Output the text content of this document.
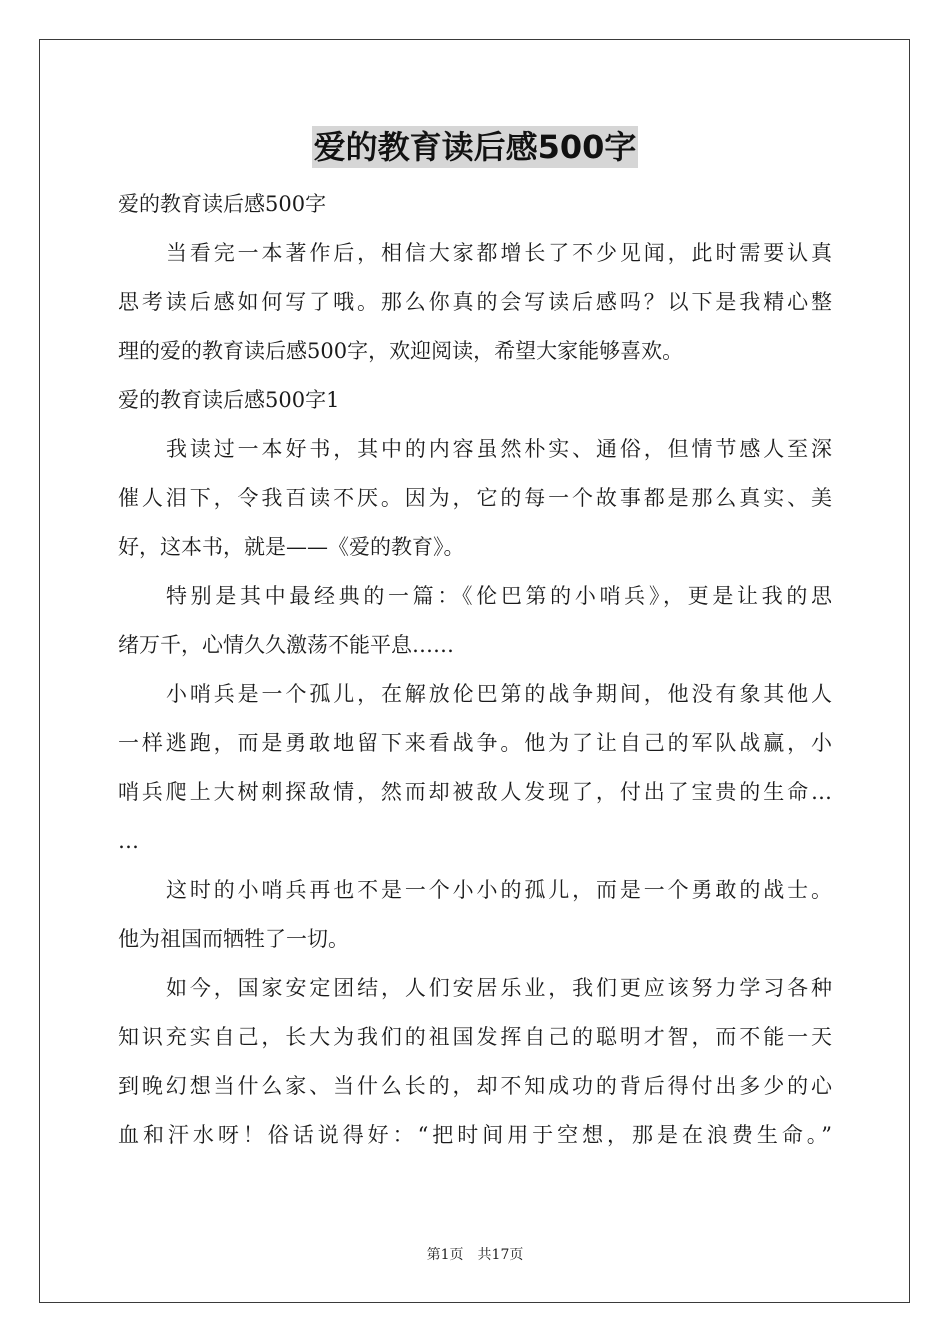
爱的教育读后感500字
爱的教育读后感500字
当看完一本著作后，相信大家都增长了不少见闻，此时需要认真
思考读后感如何写了哦。那么你真的会写读后感吗？以下是我精心整
理的爱的教育读后感500字，欢迎阅读，希望大家能够喜欢。
爱的教育读后感500字1
我读过一本好书，其中的内容虽然朴实、通俗，但情节感人至深
催人泪下，令我百读不厌。因为，它的每一个故事都是那么真实、美
好，这本书，就是——《爱的教育》。
特别是其中最经典的一篇：《伦巴第的小哨兵》，更是让我的思
绪万千，心情久久激荡不能平息……
小哨兵是一个孤儿，在解放伦巴第的战争期间，他没有象其他人
一样逃跑，而是勇敢地留下来看战争。他为了让自己的军队战赢，小
哨兵爬上大树刺探敌情，然而却被敌人发现了，付出了宝贵的生命…
…
这时的小哨兵再也不是一个小小的孤儿，而是一个勇敢的战士。
他为祖国而牺牲了一切。
如今，国家安定团结，人们安居乐业，我们更应该努力学习各种
知识充实自己，长大为我们的祖国发挥自己的聪明才智，而不能一天
到晚幻想当什么家、当什么长的，却不知成功的背后得付出多少的心
血和汗水呀！俗话说得好：“把时间用于空想，那是在浪费生命。”
第1页 共17页
